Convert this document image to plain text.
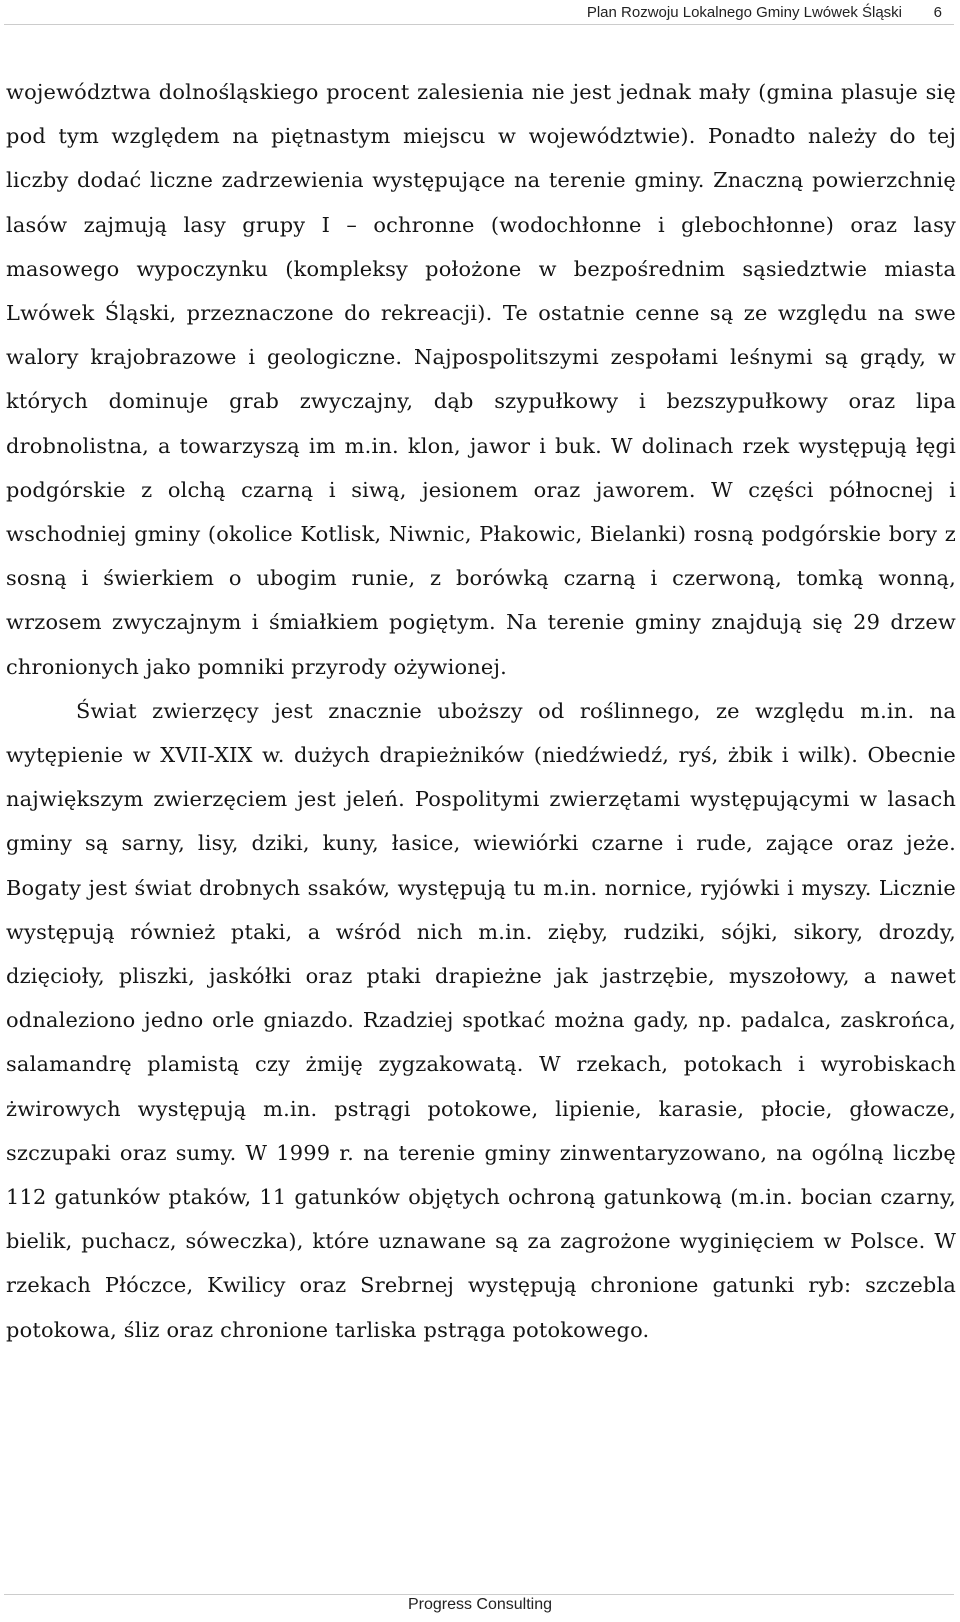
Plan Rozwoju Lokalnego Gminy Lwówek Śląski 6

województwa dolnośląskiego procent zalesienia nie jest jednak mały (gmina plasuje się pod tym względem na piętnastym miejscu w województwie). Ponadto należy do tej liczby dodać liczne zadrzewienia występujące na terenie gminy. Znaczną powierzchnię lasów zajmują lasy grupy I – ochronne (wodochłonne i glebochłonne) oraz lasy masowego wypoczynku (kompleksy położone w bezpośrednim sąsiedztwie miasta Lwówek Śląski, przeznaczone do rekreacji). Te ostatnie cenne są ze względu na swe walory krajobrazowe i geologiczne. Najpospolitszymi zespołami leśnymi są grądy, w których dominuje grab zwyczajny, dąb szypułkowy i bezszypułkowy oraz lipa drobnolistna, a towarzyszą im m.in. klon, jawor i buk. W dolinach rzek występują łęgi podgórskie z olchą czarną i siwą, jesionem oraz jaworem. W części północnej i wschodniej gminy (okolice Kotlisk, Niwnic, Płakowic, Bielanki) rosną podgórskie bory z sosną i świerkiem o ubogim runie, z borówką czarną i czerwoną, tomką wonną, wrzosem zwyczajnym i śmiałkiem pogiętym. Na terenie gminy znajdują się 29 drzew chronionych jako pomniki przyrody ożywionej.

Świat zwierzęcy jest znacznie uboższy od roślinnego, ze względu m.in. na wytępienie w XVII-XIX w. dużych drapieżników (niedźwiedź, ryś, żbik i wilk). Obecnie największym zwierzęciem jest jeleń. Pospolitymi zwierzętami występującymi w lasach gminy są sarny, lisy, dziki, kuny, łasice, wiewiórki czarne i rude, zające oraz jeże. Bogaty jest świat drobnych ssaków, występują tu m.in. nornice, ryjówki i myszy. Licznie występują również ptaki, a wśród nich m.in. zięby, rudziki, sójki, sikory, drozdy, dzięcioły, pliszki, jaskółki oraz ptaki drapieżne jak jastrzębie, myszołowy, a nawet odnaleziono jedno orle gniazdo. Rzadziej spotkać można gady, np. padalca, zaskrońca, salamandrę plamistą czy żmiję zygzakowatą. W rzekach, potokach i wyrobiskach żwirowych występują m.in. pstrągi potokowe, lipienie, karasie, płocie, głowacze, szczupaki oraz sumy. W 1999 r. na terenie gminy zinwentaryzowano, na ogólną liczbę 112 gatunków ptaków, 11 gatunków objętych ochroną gatunkową (m.in. bocian czarny, bielik, puchacz, sóweczka), które uznawane są za zagrożone wyginięciem w Polsce. W rzekach Płóczce, Kwilicy oraz Srebrnej występują chronione gatunki ryb: szczebla potokowa, śliz oraz chronione tarliska pstrąga potokowego.

Progress Consulting
